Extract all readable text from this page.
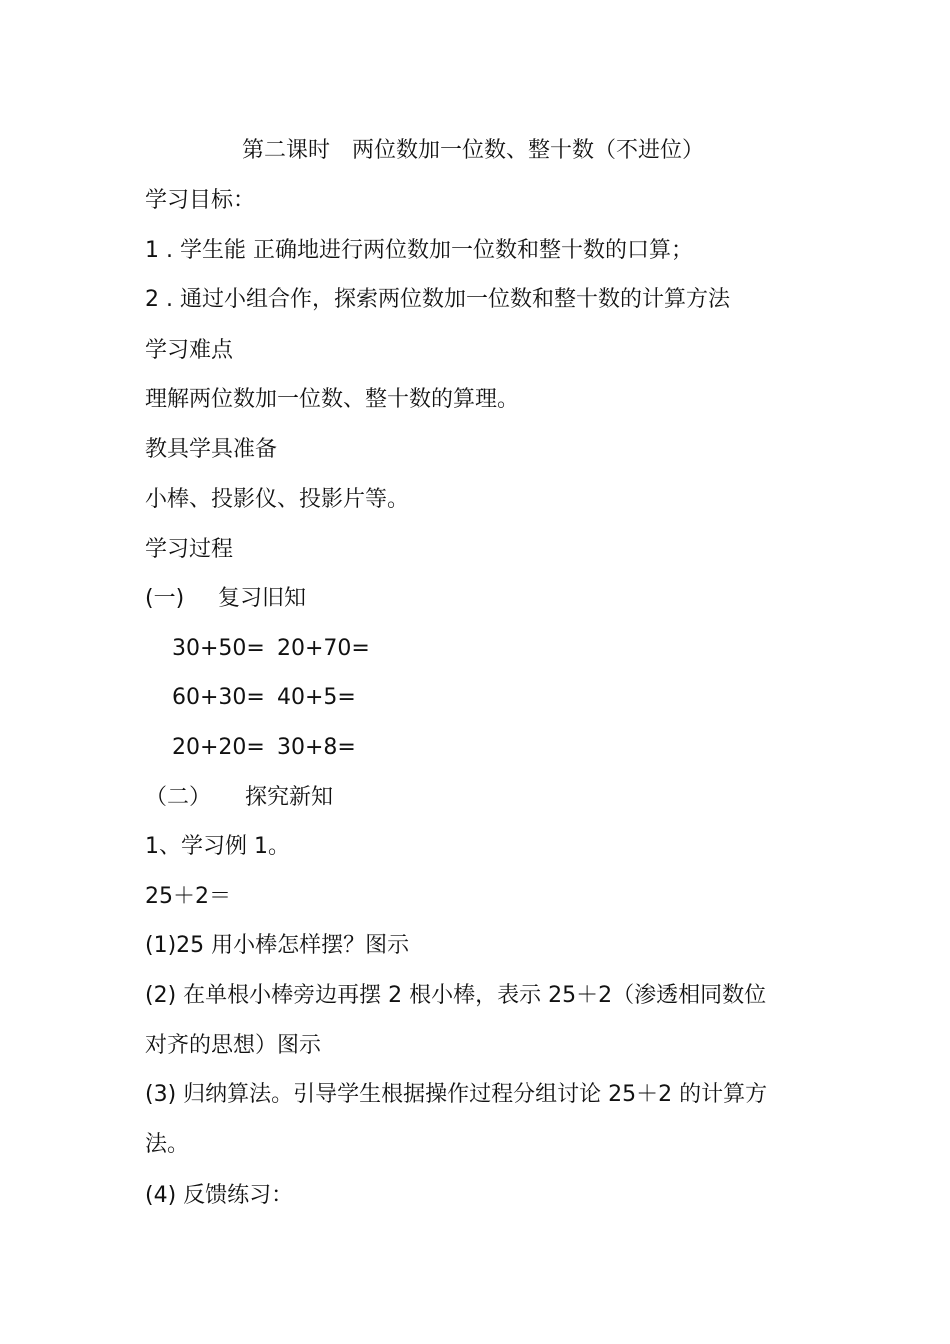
第二课时 两位数加一位数、整十数（不进位）
学习目标：
1 . 学生能 正确地进行两位数加一位数和整十数的口算；
2 . 通过小组合作，探索两位数加一位数和整十数的计算方法
学习难点
理解两位数加一位数、整十数的算理。
教具学具准备
小棒、投影仪、投影片等。
学习过程
(一) 复习旧知
30+50= 20+70=
60+30= 40+5=
20+20= 30+8=
（二） 探究新知
1、学习例 1。
25＋2＝
(1)25 用小棒怎样摆？图示
(2) 在单根小棒旁边再摆 2 根小棒，表示 25＋2（渗透相同数位
对齐的思想）图示
(3) 归纳算法。引导学生根据操作过程分组讨论 25＋2 的计算方
法。
(4) 反馈练习：
